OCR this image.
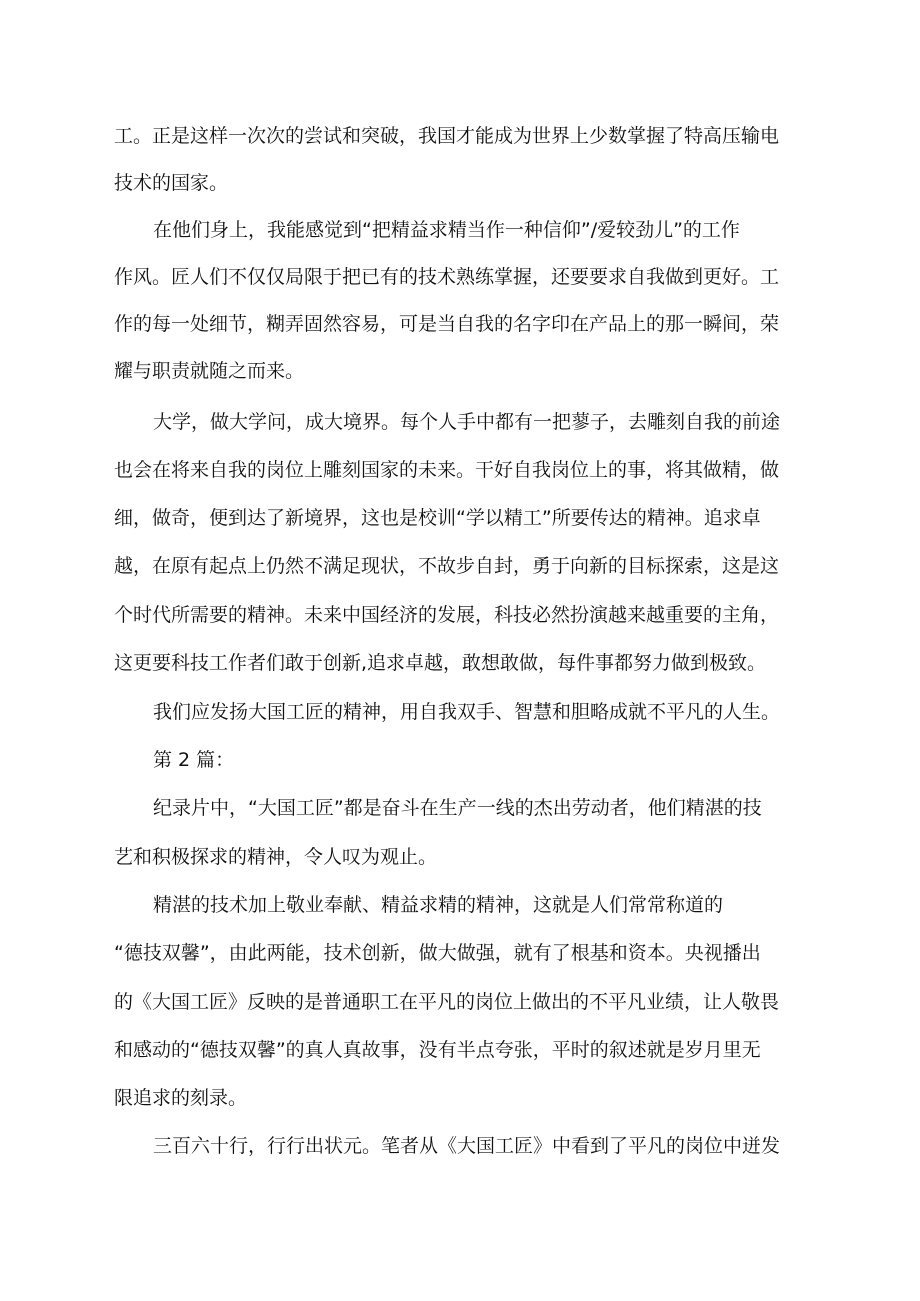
工。正是这样一次次的尝试和突破，我国才能成为世界上少数掌握了特高压输电
技术的国家。
在他们身上，我能感觉到“把精益求精当作一种信仰”/爱较劲儿”的工作
作风。匠人们不仅仅局限于把已有的技术熟练掌握，还要要求自我做到更好。工
作的每一处细节，糊弄固然容易，可是当自我的名字印在产品上的那一瞬间，荣
耀与职责就随之而来。
大学，做大学问，成大境界。每个人手中都有一把蓼子，去雕刻自我的前途
也会在将来自我的岗位上雕刻国家的未来。干好自我岗位上的事，将其做精，做
细，做奇，便到达了新境界，这也是校训“学以精工”所要传达的精神。追求卓
越，在原有起点上仍然不满足现状，不故步自封，勇于向新的目标探索，这是这
个时代所需要的精神。未来中国经济的发展，科技必然扮演越来越重要的主角，
这更要科技工作者们敢于创新,追求卓越，敢想敢做，每件事都努力做到极致。
我们应发扬大国工匠的精神，用自我双手、智慧和胆略成就不平凡的人生。
第 2 篇：
纪录片中，“大国工匠”都是奋斗在生产一线的杰出劳动者，他们精湛的技
艺和积极探求的精神，令人叹为观止。
精湛的技术加上敬业奉献、精益求精的精神，这就是人们常常称道的
“德技双馨”，由此两能，技术创新，做大做强，就有了根基和资本。央视播出
的《大国工匠》反映的是普通职工在平凡的岗位上做出的不平凡业绩，让人敬畏
和感动的“德技双馨”的真人真故事，没有半点夸张，平时的叙述就是岁月里无
限追求的刻录。
三百六十行，行行出状元。笔者从《大国工匠》中看到了平凡的岗位中迸发
